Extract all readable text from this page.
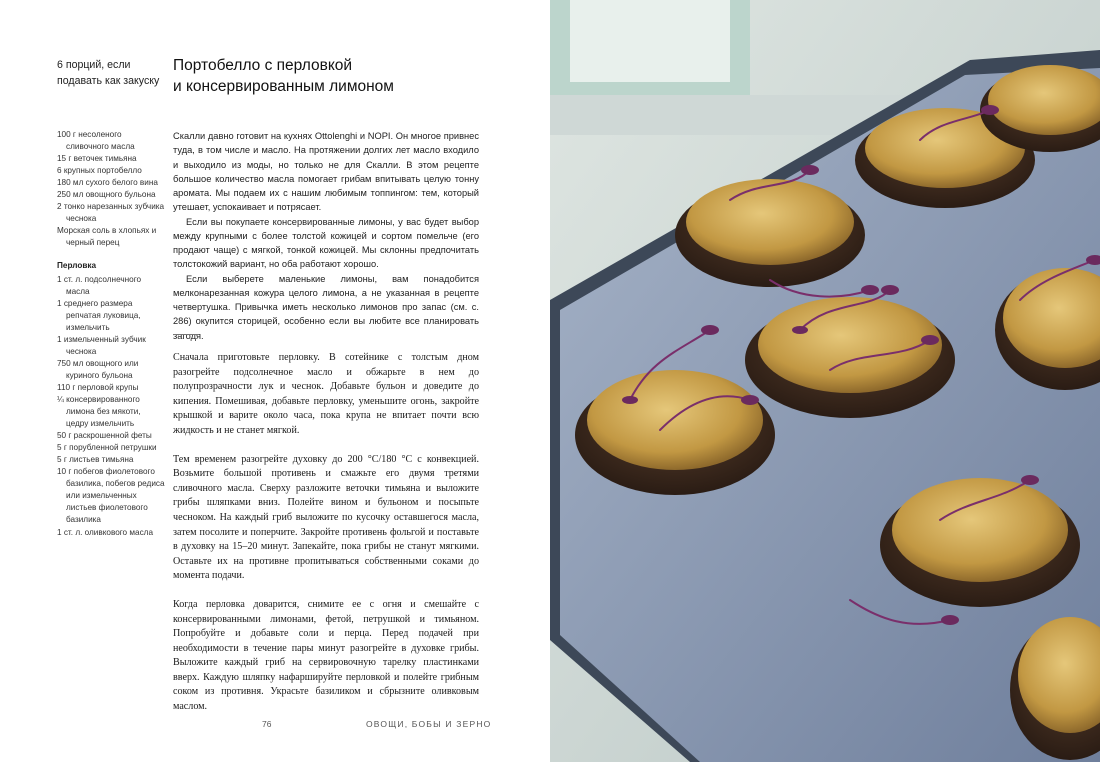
6 порций, если подавать как закуску
Портобелло с перловкой
и консервированным лимоном
100 г несоленого сливочного масла
15 г веточек тимьяна
6 крупных портобелло
180 мл сухого белого вина
250 мл овощного бульона
2 тонко нарезанных зубчика чеснока
Морская соль в хлопьях и черный перец
Перловка
1 ст. л. подсолнечного масла
1 среднего размера репчатая луковица, измельчить
1 измельченный зубчик чеснока
750 мл овощного или куриного бульона
110 г перловой крупы
¼ консервированного лимона без мякоти, цедру измельчить
50 г раскрошенной феты
5 г порубленной петрушки
5 г листьев тимьяна
10 г побегов фиолетового базилика, побегов редиса или измельченных листьев фиолетового базилика
1 ст. л. оливкового масла

Скалли давно готовит на кухнях Ottolenghi и NOPI. Он многое привнес туда, в том числе и масло. На протяжении долгих лет масло входило и выходило из моды, но только не для Скалли. В этом рецепте большое количество масла помогает грибам впитывать целую тонну аромата. Мы подаем их с нашим любимым топпингом: тем, который утешает, успокаивает и потрясает.

Если вы покупаете консервированные лимоны, у вас будет выбор между крупными с более толстой кожицей и сортом помельче (его продают чаще) с мягкой, тонкой кожицей. Мы склонны предпочитать толстокожий вариант, но оба работают хорошо.

Если выберете маленькие лимоны, вам понадобится мелконарезанная кожура целого лимона, а не указанная в рецепте четвертушка. Привычка иметь несколько лимонов про запас (см. с. 286) окупится сторицей, особенно если вы любите все планировать загодя.

Сначала приготовьте перловку. В сотейнике с толстым дном разогрейте подсолнечное масло и обжарьте в нем до полупрозрачности лук и чеснок. Добавьте бульон и доведите до кипения. Помешивая, добавьте перловку, уменьшите огонь, закройте крышкой и варите около часа, пока крупа не впитает почти всю жидкость и не станет мягкой.

Тем временем разогрейте духовку до 200 °C/180 °C с конвекцией. Возьмите большой противень и смажьте его двумя третями сливочного масла. Сверху разложите веточки тимьяна и выложите грибы шляпками вниз. Полейте вином и бульоном и посыпьте чесноком. На каждый гриб выложите по кусочку оставшегося масла, затем посолите и поперчите. Закройте противень фольгой и поставьте в духовку на 15–20 минут. Запекайте, пока грибы не станут мягкими. Оставьте их на противне пропитываться собственными соками до момента подачи.

Когда перловка доварится, снимите ее с огня и смешайте с консервированными лимонами, фетой, петрушкой и тимьяном. Попробуйте и добавьте соли и перца. Перед подачей при необходимости в течение пары минут разогрейте в духовке грибы. Выложите каждый гриб на сервировочную тарелку пластинками вверх. Каждую шляпку нафаршируйте перловкой и полейте грибным соком из противня. Украсьте базиликом и сбрызните оливковым маслом.

76	ОВОЩИ, БОБЫ И ЗЕРНО
